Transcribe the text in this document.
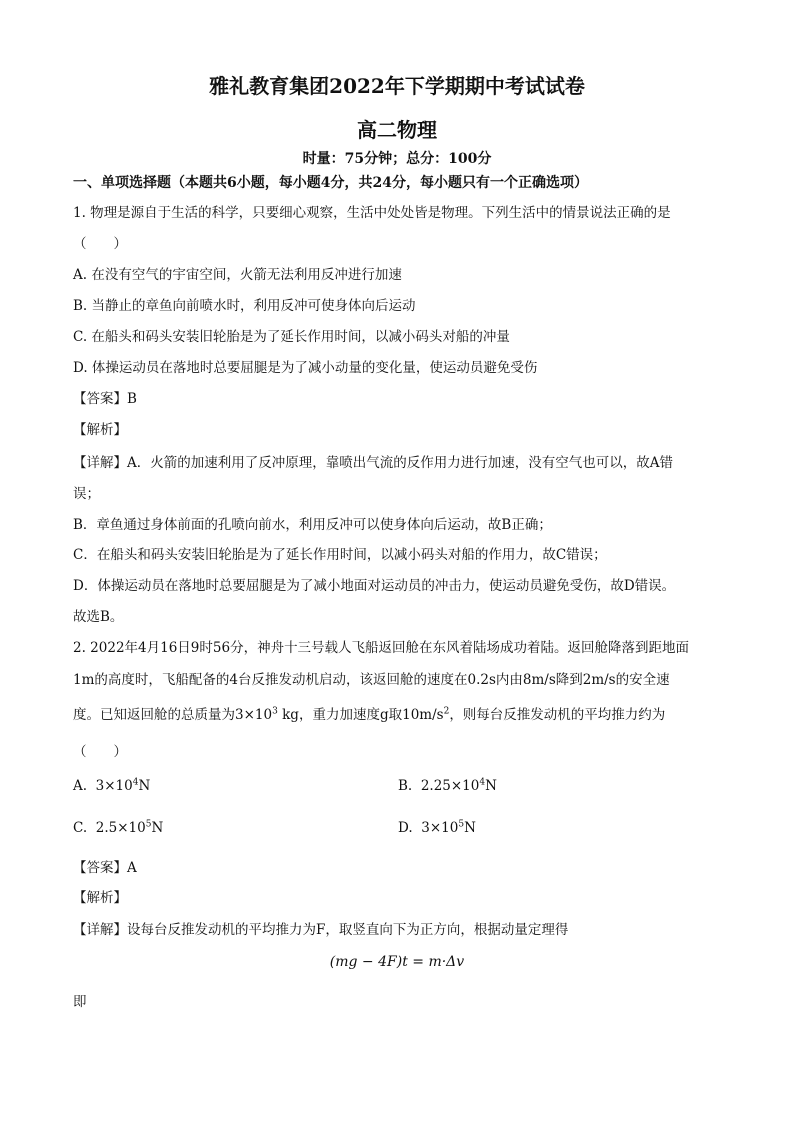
雅礼教育集团2022年下学期期中考试试卷
高二物理
时量：75分钟；总分：100分
一、单项选择题（本题共6小题，每小题4分，共24分，每小题只有一个正确选项）
1. 物理是源自于生活的科学，只要细心观察，生活中处处皆是物理。下列生活中的情景说法正确的是
（　　）
A. 在没有空气的宇宙空间，火箭无法利用反冲进行加速
B. 当静止的章鱼向前喷水时，利用反冲可使身体向后运动
C. 在船头和码头安装旧轮胎是为了延长作用时间，以减小码头对船的冲量
D. 体操运动员在落地时总要屈腿是为了减小动量的变化量，使运动员避免受伤
【答案】B
【解析】
【详解】A．火箭的加速利用了反冲原理，靠喷出气流的反作用力进行加速，没有空气也可以，故A错
误；
B．章鱼通过身体前面的孔喷向前水，利用反冲可以使身体向后运动，故B正确；
C．在船头和码头安装旧轮胎是为了延长作用时间，以减小码头对船的作用力，故C错误；
D．体操运动员在落地时总要屈腿是为了减小地面对运动员的冲击力，使运动员避免受伤，故D错误。
故选B。
2. 2022年4月16日9时56分，神舟十三号载人飞船返回舱在东风着陆场成功着陆。返回舱降落到距地面
1m的高度时，飞船配备的4台反推发动机启动，该返回舱的速度在0.2s内由8m/s降到2m/s的安全速
度。已知返回舱的总质量为$3\times 10^3$ kg，重力加速度g取$10m/s^2$，则每台反推发动机的平均推力约为
（　　）
A. $3\times 10^4N$	B. $2.25\times 10^4N$
C. $2.5\times 10^5N$	D. $3\times 10^5N$
【答案】A
【解析】
【详解】设每台反推发动机的平均推力为F，取竖直向下为正方向，根据动量定理得
(mg − 4F)t = m·Δv
即
